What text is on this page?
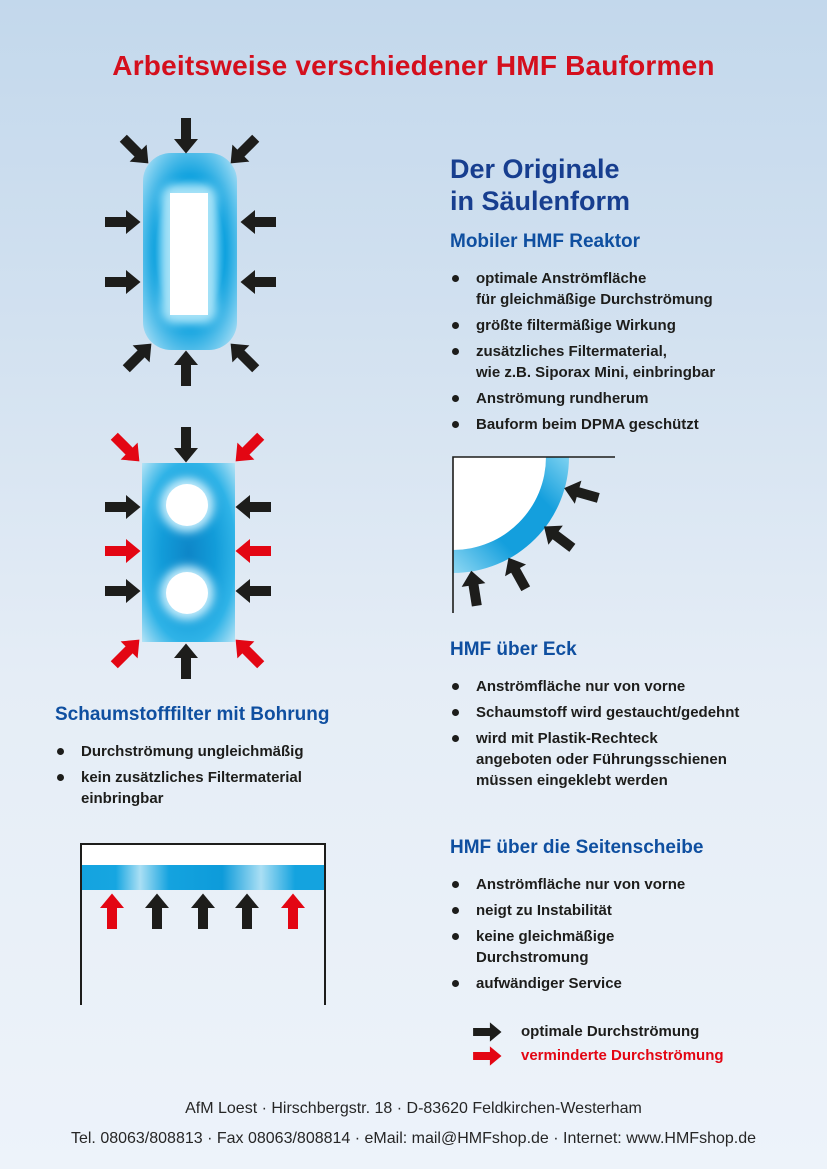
Arbeitsweise verschiedener HMF Bauformen
Der Originale
in Säulenform
Mobiler HMF Reaktor
optimale Anströmfläche
für gleichmäßige Durchströmung
größte filtermäßige Wirkung
zusätzliches Filtermaterial,
wie z.B. Siporax Mini, einbringbar
Anströmung rundherum
Bauform beim DPMA geschützt
HMF über Eck
Anströmfläche nur von vorne
Schaumstoff wird gestaucht/gedehnt
wird mit Plastik-Rechteck
angeboten oder Führungsschienen
müssen eingeklebt werden
HMF über die Seitenscheibe
Anströmfläche nur von vorne
neigt zu Instabilität
keine gleichmäßige
Durchstromung
aufwändiger Service
Schaumstofffilter mit Bohrung
Durchströmung ungleichmäßig
kein zusätzliches Filtermaterial
einbringbar
optimale Durchströmung
verminderte Durchströmung
AfM Loest · Hirschbergstr. 18 · D-83620 Feldkirchen-Westerham
Tel. 08063/808813 · Fax 08063/808814 · eMail: mail@HMFshop.de · Internet: www.HMFshop.de
